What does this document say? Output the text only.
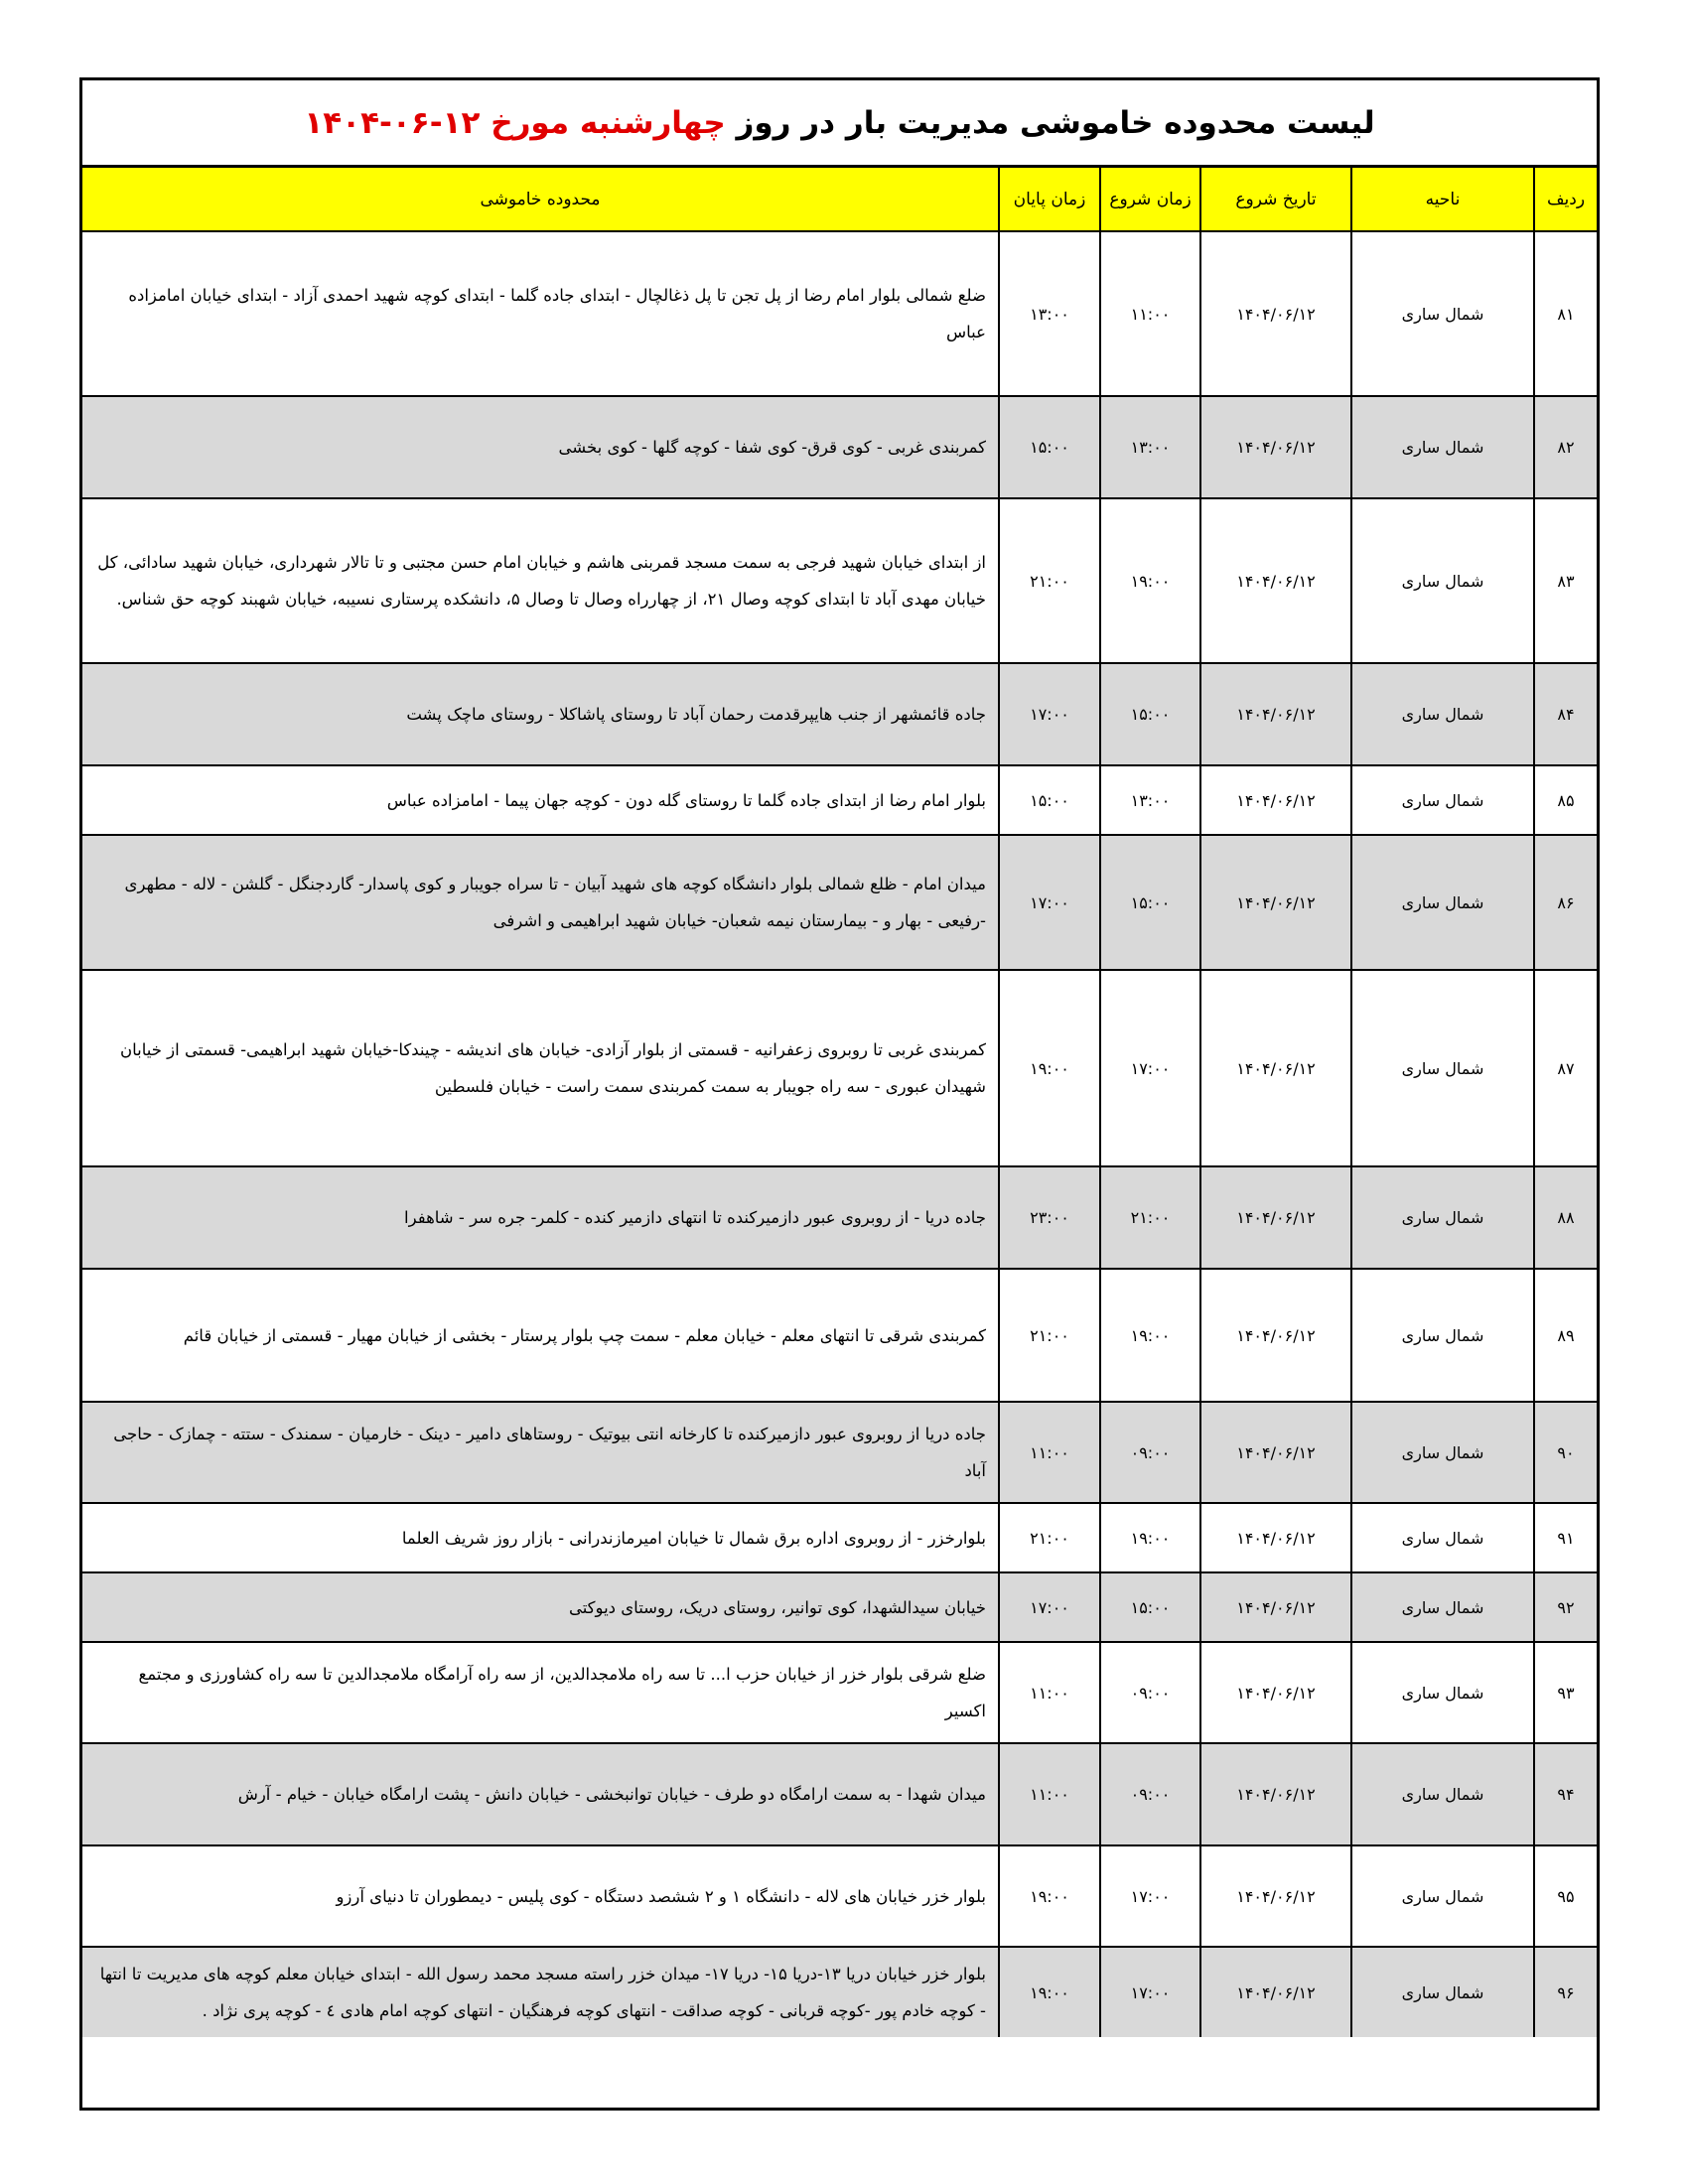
لیست محدوده خاموشی مدیریت بار در روز چهارشنبه مورخ ۱۲-۰۶-۱۴۰۴
ردیف	ناحیه	تاریخ شروع	زمان شروع	زمان پایان	محدوده خاموشی
۸۱	شمال ساری	۱۴۰۴/۰۶/۱۲	۱۱:۰۰	۱۳:۰۰	ضلع شمالی بلوار امام رضا از پل تجن تا پل ذغالچال - ابتدای جاده گلما - ابتدای کوچه شهید احمدی آزاد - ابتدای خیابان امامزاده عباس
۸۲	شمال ساری	۱۴۰۴/۰۶/۱۲	۱۳:۰۰	۱۵:۰۰	کمربندی غربی - کوی قرق- کوی شفا - کوچه گلها - کوی بخشی
۸۳	شمال ساری	۱۴۰۴/۰۶/۱۲	۱۹:۰۰	۲۱:۰۰	از ابتدای خیابان شهید فرجی به سمت مسجد قمربنی هاشم و خیابان امام حسن مجتبی و تا تالار شهرداری، خیابان شهید سادائی، کل خیابان مهدی آباد تا ابتدای کوچه وصال ۲۱، از چهارراه وصال تا وصال ۵، دانشکده پرستاری نسیبه، خیابان شهبند کوچه حق شناس.
۸۴	شمال ساری	۱۴۰۴/۰۶/۱۲	۱۵:۰۰	۱۷:۰۰	جاده قائمشهر از جنب هایپرقدمت رحمان آباد تا روستای پاشاکلا - روستای ماچک پشت
۸۵	شمال ساری	۱۴۰۴/۰۶/۱۲	۱۳:۰۰	۱۵:۰۰	بلوار امام رضا از ابتدای جاده گلما تا روستای گله دون - کوچه جهان پیما - امامزاده عباس
۸۶	شمال ساری	۱۴۰۴/۰۶/۱۲	۱۵:۰۰	۱۷:۰۰	میدان امام - ظلع شمالی بلوار دانشگاه کوچه های شهید آبیان - تا سراه جویبار و کوی پاسدار- گاردجنگل - گلشن - لاله - مطهری -رفیعی - بهار و - بیمارستان نیمه شعبان- خیابان شهید ابراهیمی و اشرفی
۸۷	شمال ساری	۱۴۰۴/۰۶/۱۲	۱۷:۰۰	۱۹:۰۰	کمربندی غربی تا روبروی زعفرانیه - قسمتی از بلوار آزادی- خیابان های اندیشه - چیندکا-خیابان شهید ابراهیمی- قسمتی از خیابان شهیدان عبوری - سه راه جویبار به سمت کمربندی سمت راست - خیابان فلسطین
۸۸	شمال ساری	۱۴۰۴/۰۶/۱۲	۲۱:۰۰	۲۳:۰۰	جاده دریا - از روبروی عبور دازمیرکنده تا انتهای دازمیر کنده - کلمر- جره سر - شاهفرا
۸۹	شمال ساری	۱۴۰۴/۰۶/۱۲	۱۹:۰۰	۲۱:۰۰	کمربندی شرقی تا انتهای معلم - خیابان معلم - سمت چپ بلوار پرستار - بخشی از خیابان مهیار - قسمتی از خیابان قائم
۹۰	شمال ساری	۱۴۰۴/۰۶/۱۲	۰۹:۰۰	۱۱:۰۰	جاده دریا از روبروی عبور دازمیرکنده تا کارخانه انتی بیوتیک - روستاهای دامیر - دینک - خارمیان - سمندک - ستته - چمازک - حاجی آباد
۹۱	شمال ساری	۱۴۰۴/۰۶/۱۲	۱۹:۰۰	۲۱:۰۰	بلوارخزر - از روبروی اداره برق شمال تا خیابان امیرمازندرانی - بازار روز شریف العلما
۹۲	شمال ساری	۱۴۰۴/۰۶/۱۲	۱۵:۰۰	۱۷:۰۰	خیابان سیدالشهدا، کوی توانیر، روستای دریک، روستای دیوکتی
۹۳	شمال ساری	۱۴۰۴/۰۶/۱۲	۰۹:۰۰	۱۱:۰۰	ضلع شرقی بلوار خزر از خیابان حزب ا... تا سه راه ملامجدالدین، از سه راه آرامگاه ملامجدالدین تا سه راه کشاورزی و مجتمع اکسیر
۹۴	شمال ساری	۱۴۰۴/۰۶/۱۲	۰۹:۰۰	۱۱:۰۰	میدان شهدا - به سمت ارامگاه دو طرف - خیابان توانبخشی - خیابان دانش - پشت ارامگاه خیابان - خیام - آرش
۹۵	شمال ساری	۱۴۰۴/۰۶/۱۲	۱۷:۰۰	۱۹:۰۰	بلوار خزر خیابان های لاله - دانشگاه ۱ و ۲ ششصد دستگاه - کوی پلیس - دیمطوران تا دنیای آرزو
۹۶	شمال ساری	۱۴۰۴/۰۶/۱۲	۱۷:۰۰	۱۹:۰۰	بلوار خزر خیابان دریا ۱۳-دریا ۱۵- دریا ۱۷- میدان خزر راسته مسجد محمد رسول الله - ابتدای خیابان معلم کوچه های مدیریت تا انتها - کوچه خادم پور -کوچه قربانی - کوچه صداقت - انتهای کوچه فرهنگیان - انتهای کوچه امام هادی ٤ - کوچه پری نژاد .
